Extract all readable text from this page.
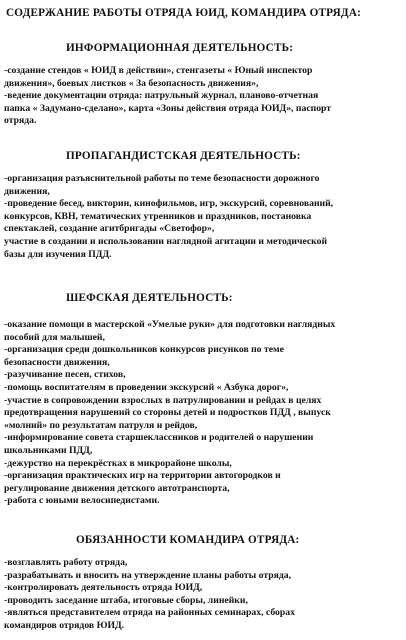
СОДЕРЖАНИЕ РАБОТЫ ОТРЯДА ЮИД, КОМАНДИРА ОТРЯДА:
ИНФОРМАЦИОННАЯ ДЕЯТЕЛЬНОСТЬ:
-создание стендов « ЮИД в действии», стенгазеты « Юный инспектор
движения», боевых листков « За безопасность движения»,
-ведение документации отряда: патрульный журнал, планово-отчетная
папка « Задумано-сделано», карта «Зоны действия отряда ЮИД», паспорт
отряда.
ПРОПАГАНДИСТСКАЯ ДЕЯТЕЛЬНОСТЬ:
-организация разъяснительной работы по теме безопасности дорожного
движения,
-проведение бесед, викторин, кинофильмов, игр, экскурсий, соревнований,
конкурсов, КВН, тематических утренников и праздников, постановка
спектаклей, создание агитбригады «Светофор»,
участие в создании и использовании наглядной агитации и методической
базы для изучения ПДД.
ШЕФСКАЯ ДЕЯТЕЛЬНОСТЬ:
-оказание помощи в мастерской «Умелые руки» для подготовки наглядных
пособий для малышей,
-организация среди дошкольников конкурсов рисунков по теме
безопасности движения,
-разучивание песен, стихов,
-помощь воспитателям в проведении экскурсий « Азбука дорог»,
-участие в сопровождении взрослых в патрулировании и рейдах в целях
предотвращения нарушений со стороны детей и подростков ПДД , выпуск
«молний» по результатам патруля и рейдов,
-информирование совета старшеклассников и родителей о нарушении
школьниками ПДД,
-дежурство на перекрёстках в микрорайоне школы,
-организация практических игр на территории автогородков и
регулирование движения детского автотранспорта,
-работа с юными велосипедистами.
ОБЯЗАННОСТИ КОМАНДИРА ОТРЯДА:
-возглавлять работу отряда,
-разрабатывать и вносить на утверждение планы работы отряда,
-контролировать деятельность отряда ЮИД,
-проводить заседание штаба, итоговые сборы, линейки,
-являться представителем отряда на районных семинарах, сборах
командиров отрядов ЮИД.
